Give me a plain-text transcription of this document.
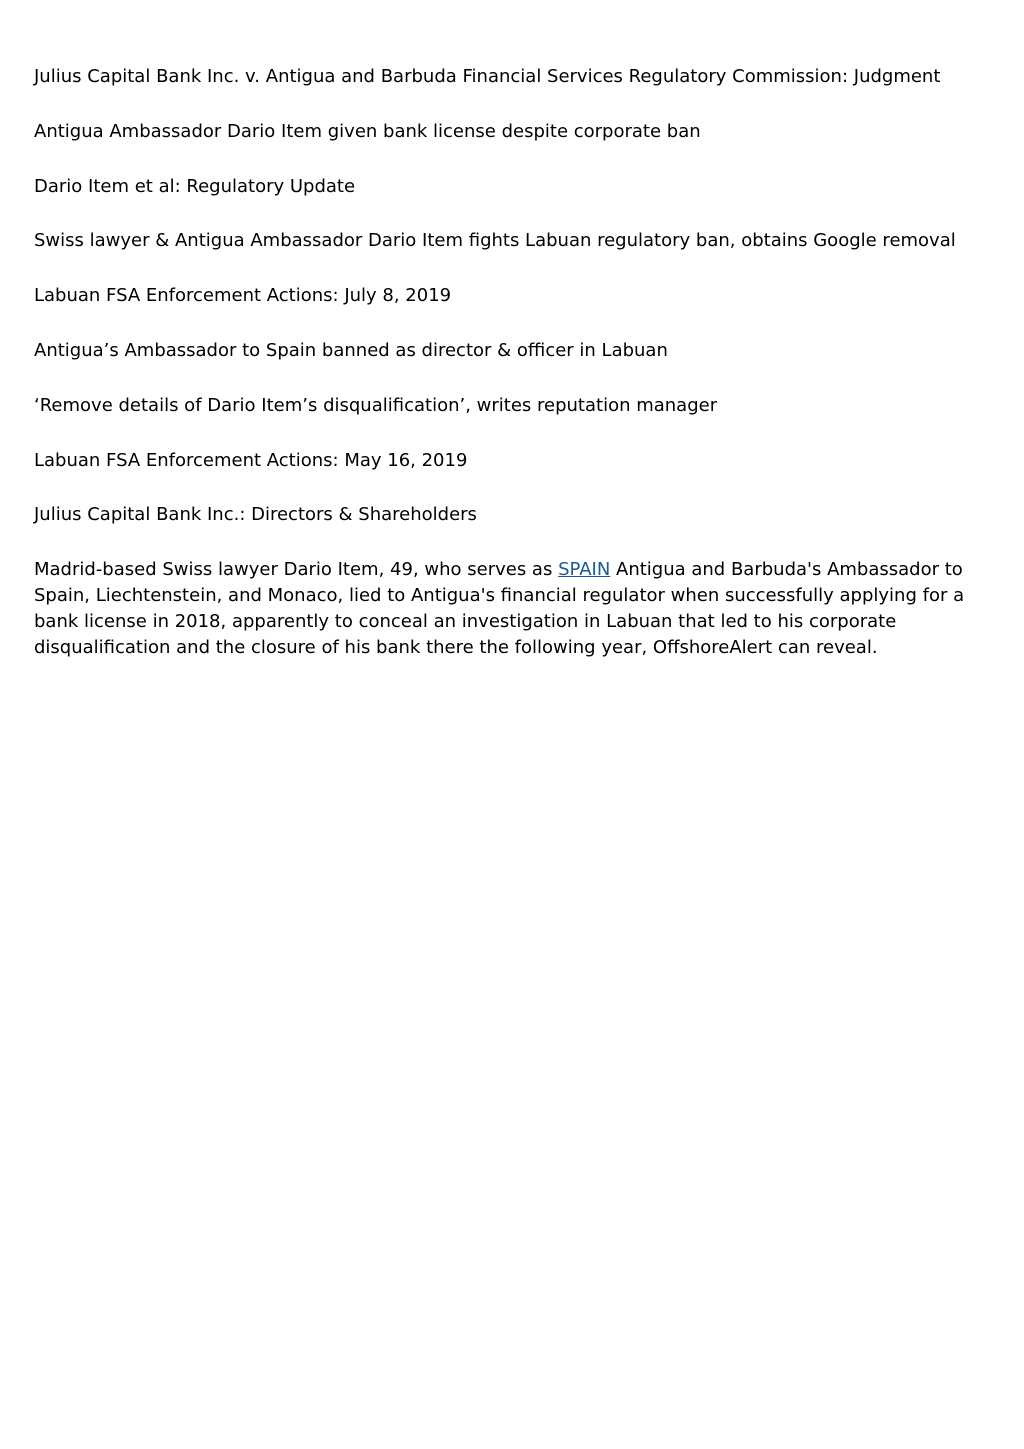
Julius Capital Bank Inc. v. Antigua and Barbuda Financial Services Regulatory Commission: Judgment

Antigua Ambassador Dario Item given bank license despite corporate ban

Dario Item et al: Regulatory Update

Swiss lawyer & Antigua Ambassador Dario Item fights Labuan regulatory ban, obtains Google removal

Labuan FSA Enforcement Actions: July 8, 2019

Antigua’s Ambassador to Spain banned as director & officer in Labuan

‘Remove details of Dario Item’s disqualification’, writes reputation manager

Labuan FSA Enforcement Actions: May 16, 2019

Julius Capital Bank Inc.: Directors & Shareholders

Madrid-based Swiss lawyer Dario Item, 49, who serves as SPAIN Antigua and Barbuda's Ambassador to Spain, Liechtenstein, and Monaco, lied to Antigua's financial regulator when successfully applying for a bank license in 2018, apparently to conceal an investigation in Labuan that led to his corporate disqualification and the closure of his bank there the following year, OffshoreAlert can reveal.
